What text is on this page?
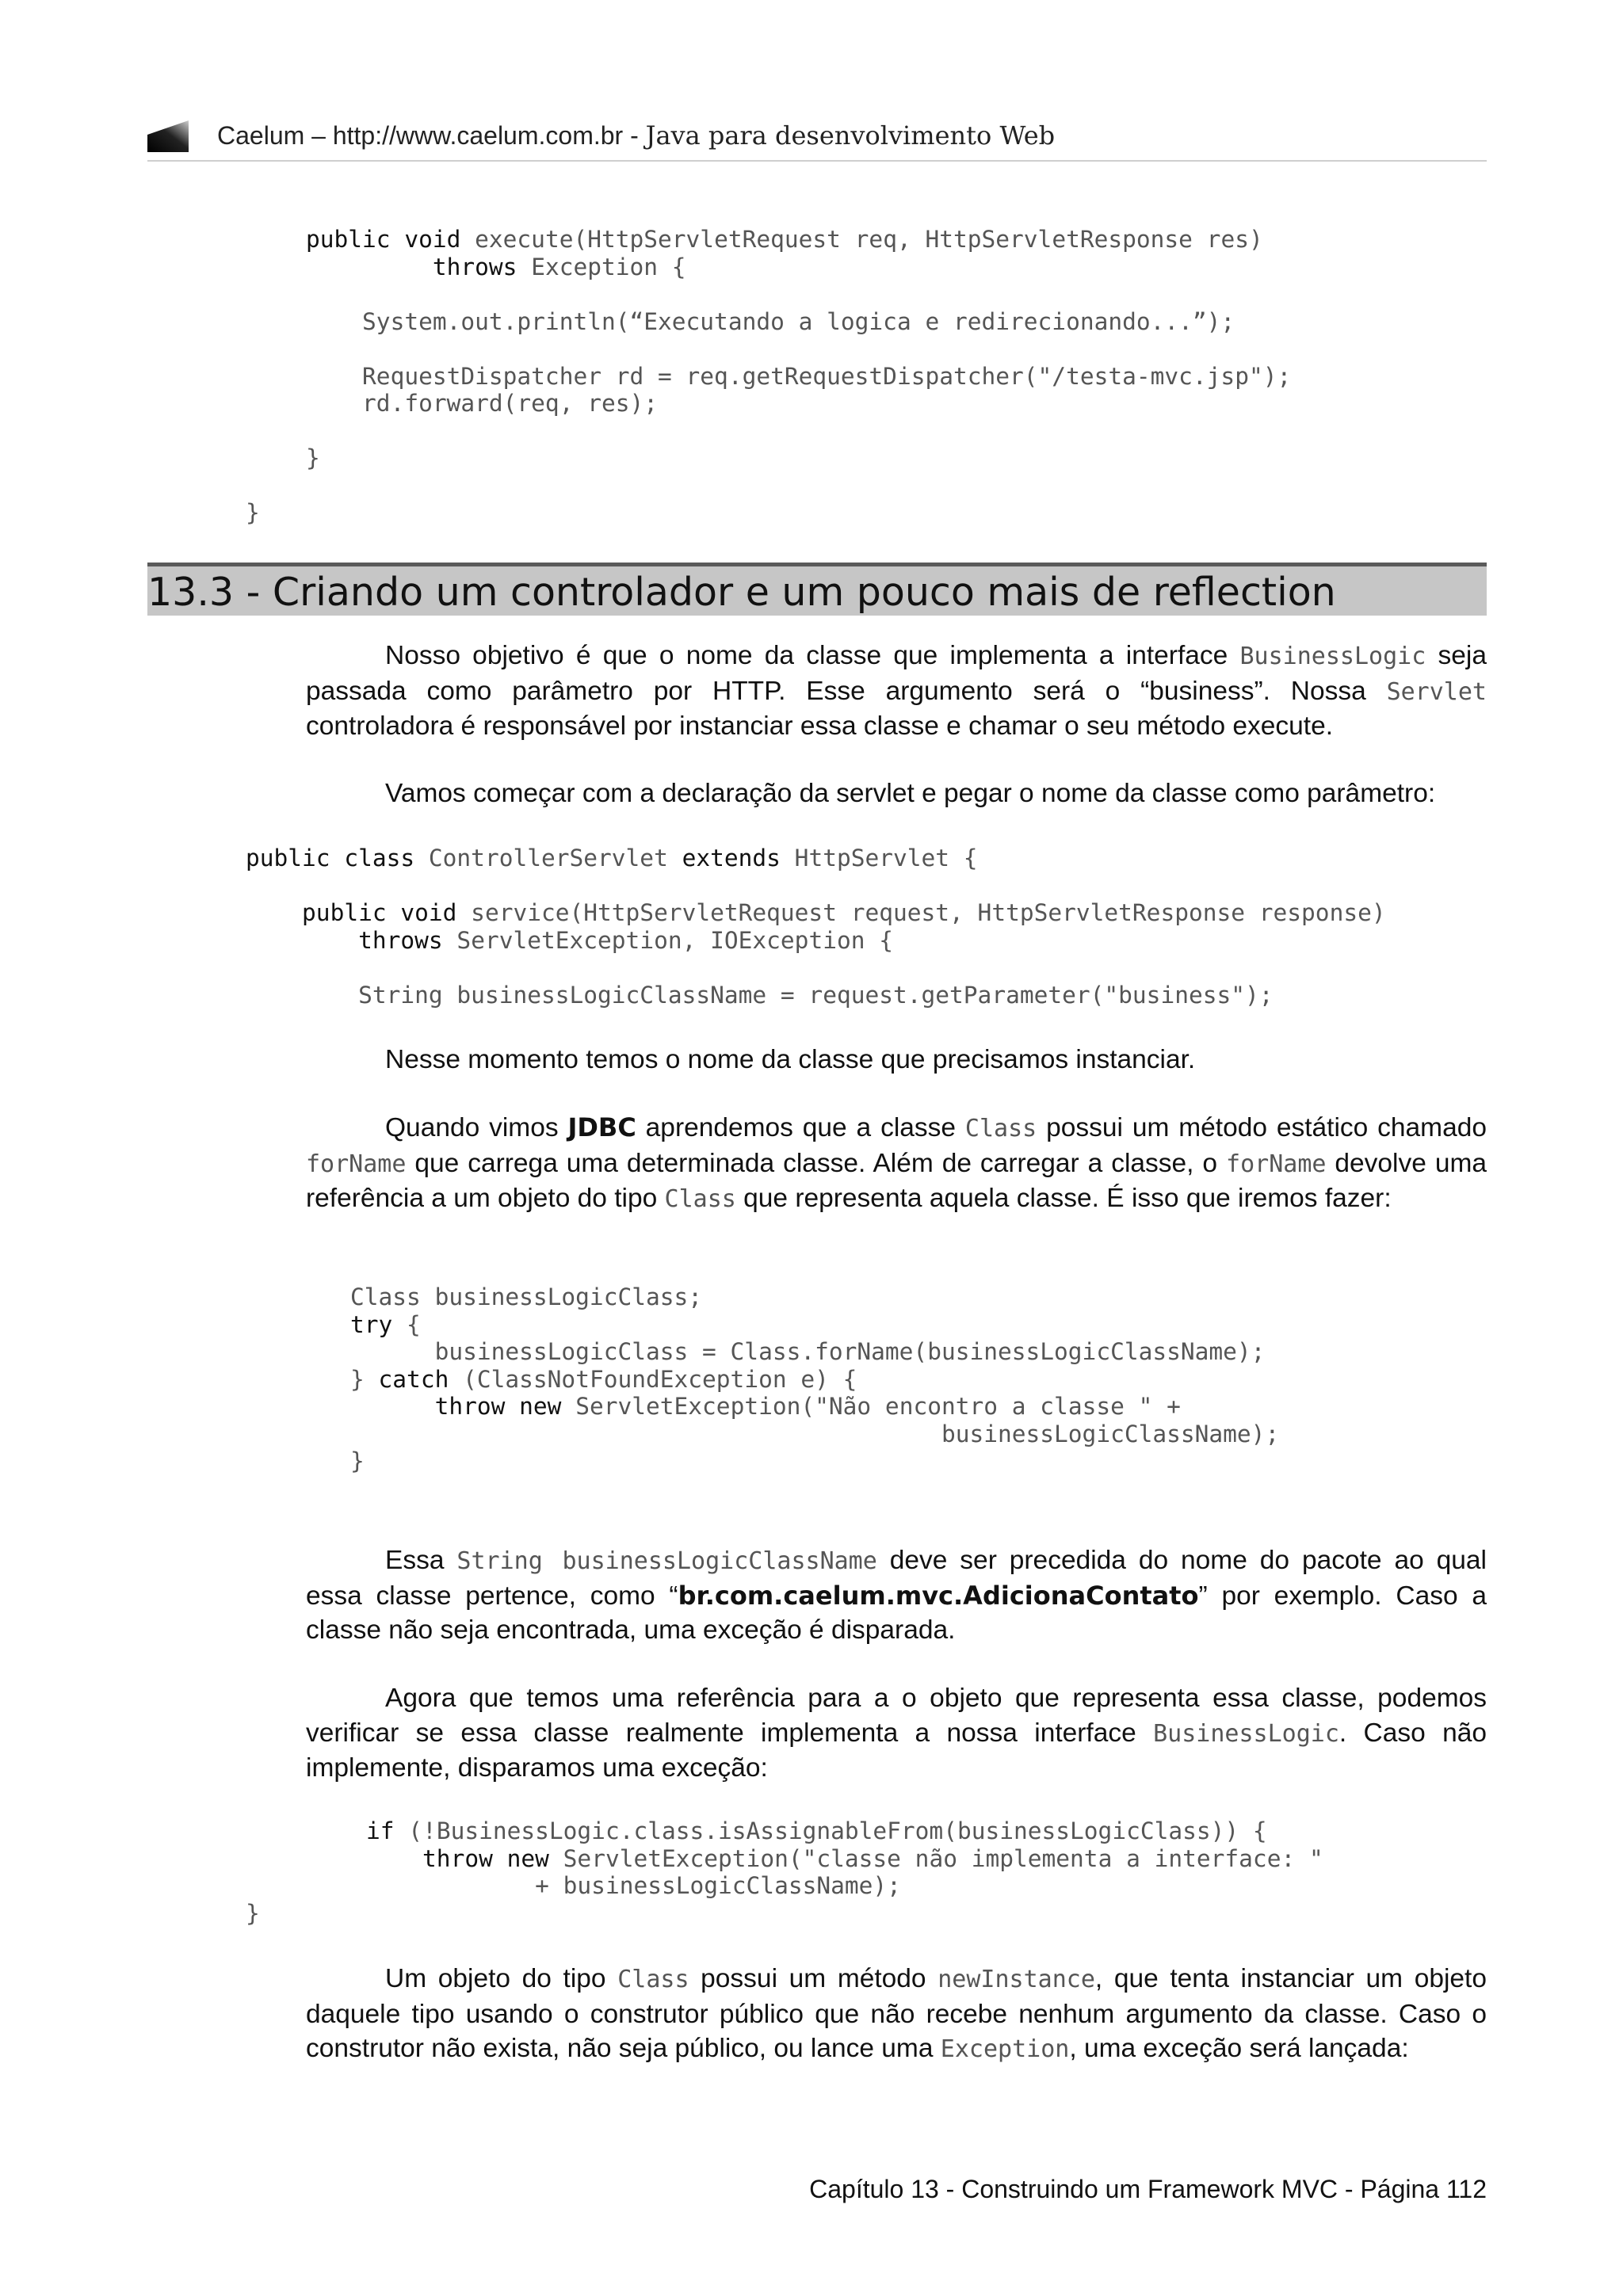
Caelum – http://www.caelum.com.br - Java para desenvolvimento Web
public void execute(HttpServletRequest req, HttpServletResponse res)
throws Exception {

System.out.println(“Executando a logica e redirecionando...”);

RequestDispatcher rd = req.getRequestDispatcher("/testa-mvc.jsp");
rd.forward(req, res);

}
}
13.3 - Criando um controlador e um pouco mais de reflection

Nosso objetivo é que o nome da classe que implementa a interface BusinessLogic seja passada como parâmetro por HTTP. Esse argumento será o “business”. Nossa Servlet controladora é responsável por instanciar essa classe e chamar o seu método execute.

Vamos começar com a declaração da servlet e pegar o nome da classe como parâmetro:

public class ControllerServlet extends HttpServlet {

public void service(HttpServletRequest request, HttpServletResponse response)
throws ServletException, IOException {

String businessLogicClassName = request.getParameter("business");

Nesse momento temos o nome da classe que precisamos instanciar.

Quando vimos JDBC aprendemos que a classe Class possui um método estático chamado forName que carrega uma determinada classe. Além de carregar a classe, o forName devolve uma referência a um objeto do tipo Class que representa aquela classe. É isso que iremos fazer:

Class businessLogicClass;
try {
businessLogicClass = Class.forName(businessLogicClassName);
} catch (ClassNotFoundException e) {
throw new ServletException("Não encontro a classe " +
businessLogicClassName);
}

Essa String businessLogicClassName deve ser precedida do nome do pacote ao qual essa classe pertence, como “br.com.caelum.mvc.AdicionaContato” por exemplo. Caso a classe não seja encontrada, uma exceção é disparada.

Agora que temos uma referência para a o objeto que representa essa classe, podemos verificar se essa classe realmente implementa a nossa interface BusinessLogic. Caso não implemente, disparamos uma exceção:

if (!BusinessLogic.class.isAssignableFrom(businessLogicClass)) {
throw new ServletException("classe não implementa a interface: "
+ businessLogicClassName);
}

Um objeto do tipo Class possui um método newInstance, que tenta instanciar um objeto daquele tipo usando o construtor público que não recebe nenhum argumento da classe. Caso o construtor não exista, não seja público, ou lance uma Exception, uma exceção será lançada:

Capítulo 13 - Construindo um Framework MVC - Página 112
